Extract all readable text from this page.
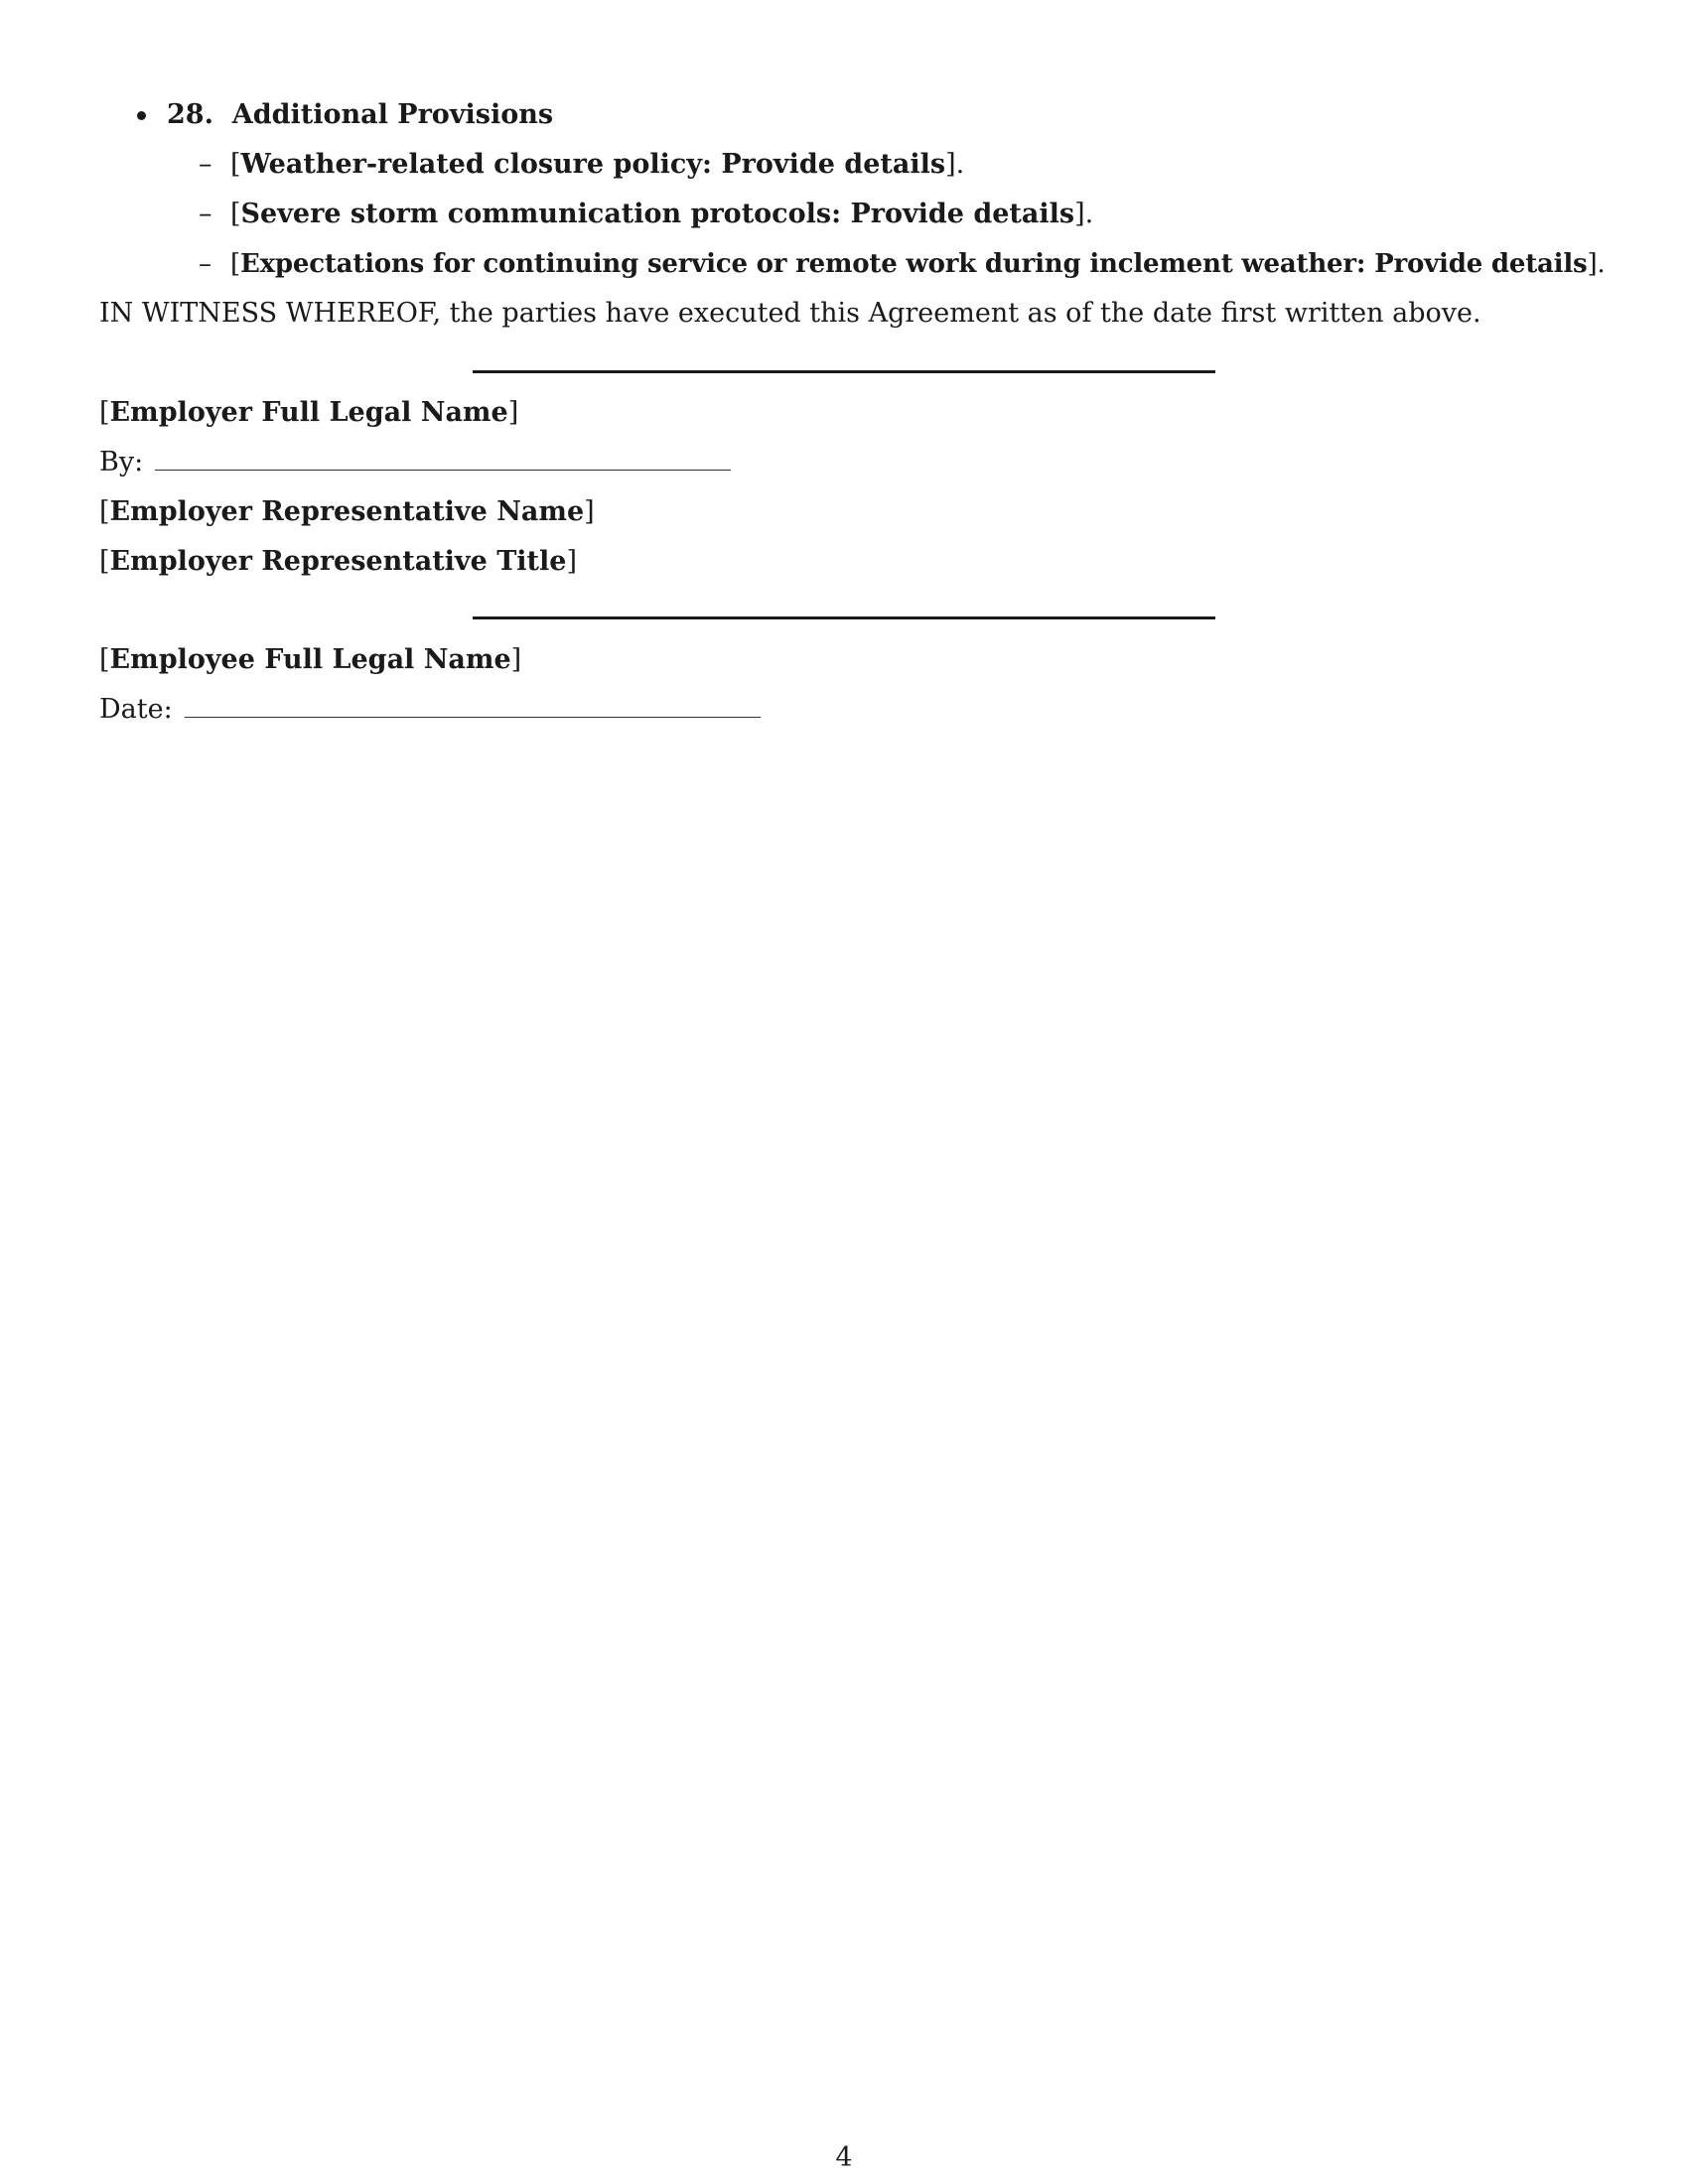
28. Additional Provisions
– [Weather-related closure policy: Provide details].
– [Severe storm communication protocols: Provide details].
– [Expectations for continuing service or remote work during inclement weather: Provide details].
IN WITNESS WHEREOF, the parties have executed this Agreement as of the date first written above.
[Employer Full Legal Name]
By:
[Employer Representative Name]
[Employer Representative Title]
[Employee Full Legal Name]
Date:
4
